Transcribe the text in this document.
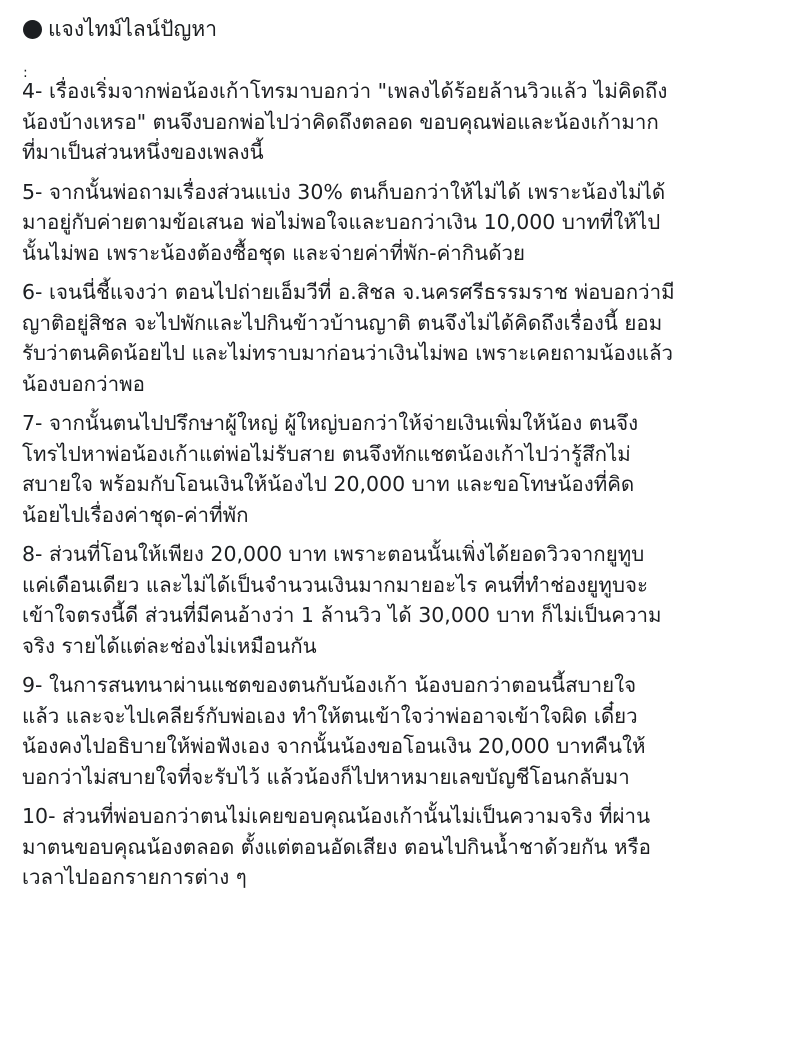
แจงไทม์ไลน์ปัญหา
:

4- เรื่องเริ่มจากพ่อน้องเก้าโทรมาบอกว่า "เพลงได้ร้อยล้านวิวแล้ว ไม่คิดถึง
น้องบ้างเหรอ" ตนจึงบอกพ่อไปว่าคิดถึงตลอด ขอบคุณพ่อและน้องเก้ามาก
ที่มาเป็นส่วนหนึ่งของเพลงนี้

5- จากนั้นพ่อถามเรื่องส่วนแบ่ง 30% ตนก็บอกว่าให้ไม่ได้ เพราะน้องไม่ได้
มาอยู่กับค่ายตามข้อเสนอ พ่อไม่พอใจและบอกว่าเงิน 10,000 บาทที่ให้ไป
นั้นไม่พอ เพราะน้องต้องซื้อชุด และจ่ายค่าที่พัก-ค่ากินด้วย

6- เจนนี่ชี้แจงว่า ตอนไปถ่ายเอ็มวีที่ อ.สิชล จ.นครศรีธรรมราช พ่อบอกว่ามี
ญาติอยู่สิชล จะไปพักและไปกินข้าวบ้านญาติ ตนจึงไม่ได้คิดถึงเรื่องนี้ ยอม
รับว่าตนคิดน้อยไป และไม่ทราบมาก่อนว่าเงินไม่พอ เพราะเคยถามน้องแล้ว
น้องบอกว่าพอ

7- จากนั้นตนไปปรึกษาผู้ใหญ่ ผู้ใหญ่บอกว่าให้จ่ายเงินเพิ่มให้น้อง ตนจึง
โทรไปหาพ่อน้องเก้าแต่พ่อไม่รับสาย ตนจึงทักแชตน้องเก้าไปว่ารู้สึกไม่
สบายใจ พร้อมกับโอนเงินให้น้องไป 20,000 บาท และขอโทษน้องที่คิด
น้อยไปเรื่องค่าชุด-ค่าที่พัก

8- ส่วนที่โอนให้เพียง 20,000 บาท เพราะตอนนั้นเพิ่งได้ยอดวิวจากยูทูบ
แค่เดือนเดียว และไม่ได้เป็นจำนวนเงินมากมายอะไร คนที่ทำช่องยูทูบจะ
เข้าใจตรงนี้ดี ส่วนที่มีคนอ้างว่า 1 ล้านวิว ได้ 30,000 บาท ก็ไม่เป็นความ
จริง รายได้แต่ละช่องไม่เหมือนกัน

9- ในการสนทนาผ่านแชตของตนกับน้องเก้า น้องบอกว่าตอนนี้สบายใจ
แล้ว และจะไปเคลียร์กับพ่อเอง ทำให้ตนเข้าใจว่าพ่ออาจเข้าใจผิด เดี๋ยว
น้องคงไปอธิบายให้พ่อฟังเอง จากนั้นน้องขอโอนเงิน 20,000 บาทคืนให้
บอกว่าไม่สบายใจที่จะรับไว้ แล้วน้องก็ไปหาหมายเลขบัญชีโอนกลับมา

10- ส่วนที่พ่อบอกว่าตนไม่เคยขอบคุณน้องเก้านั้นไม่เป็นความจริง ที่ผ่าน
มาตนขอบคุณน้องตลอด ตั้งแต่ตอนอัดเสียง ตอนไปกินน้ำชาด้วยกัน หรือ
เวลาไปออกรายการต่าง ๆ
